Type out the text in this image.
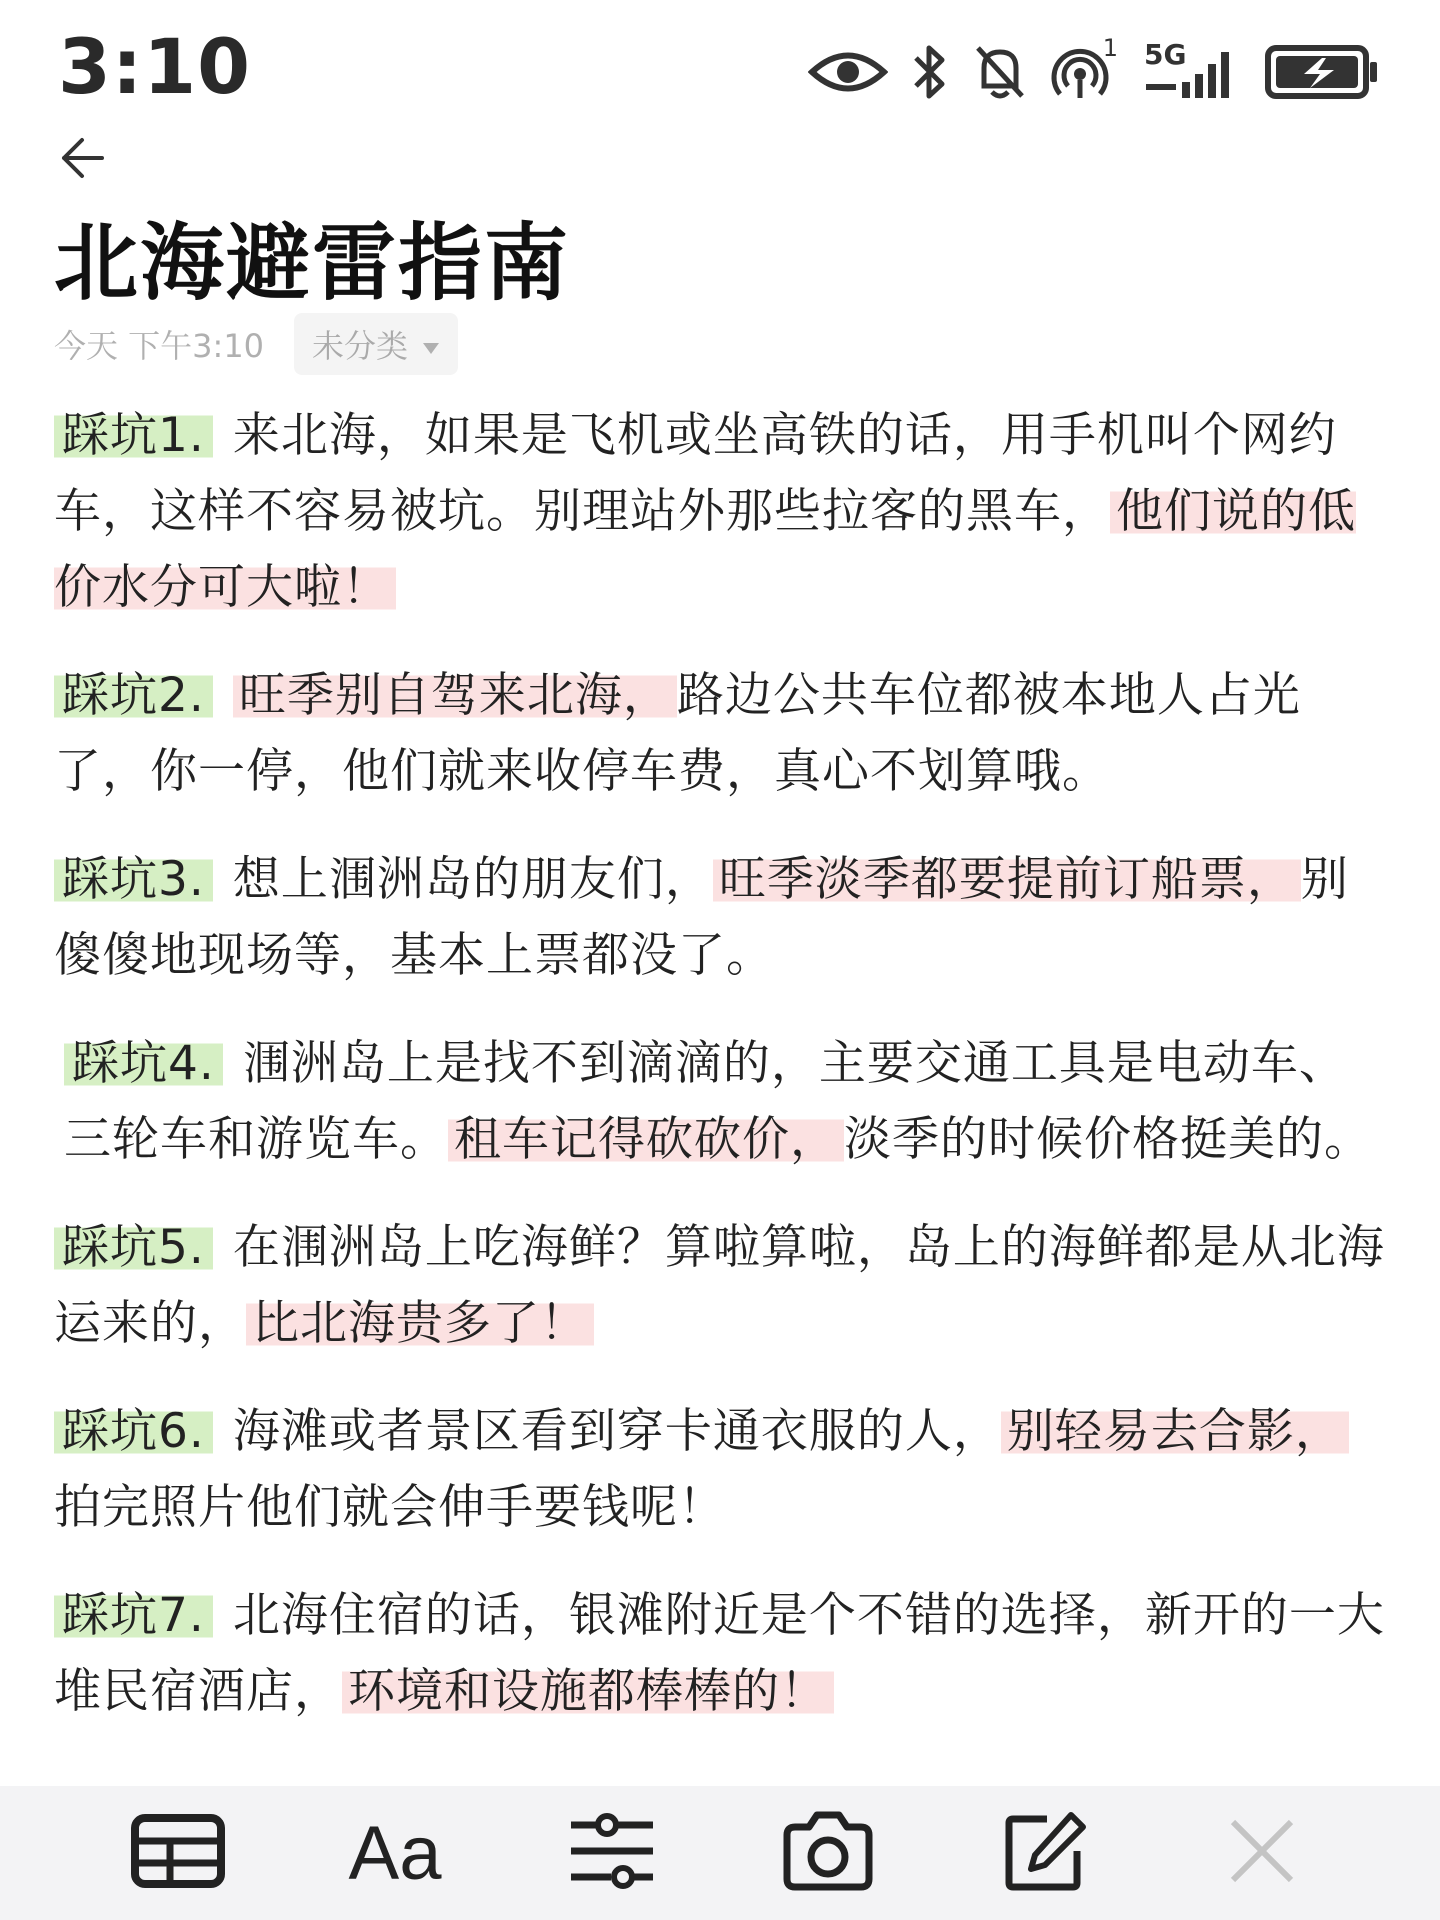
3:10	1 5G
北海避雷指南
今天 下午3:10 未分类

踩坑1. 来北海，如果是飞机或坐高铁的话，用手机叫个网约车，这样不容易被坑。别理站外那些拉客的黑车， 他们说的低价水分可大啦！

踩坑2. 旺季别自驾来北海， 路边公共车位都被本地人占光了，你一停，他们就来收停车费，真心不划算哦。

踩坑3. 想上涠洲岛的朋友们， 旺季淡季都要提前订船票， 别傻傻地现场等，基本上票都没了。

踩坑4. 涠洲岛上是找不到滴滴的，主要交通工具是电动车、三轮车和游览车。 租车记得砍砍价， 淡季的时候价格挺美的。

踩坑5. 在涠洲岛上吃海鲜？算啦算啦，岛上的海鲜都是从北海运来的， 比北海贵多了！

踩坑6. 海滩或者景区看到穿卡通衣服的人， 别轻易去合影，拍完照片他们就会伸手要钱呢！

踩坑7. 北海住宿的话，银滩附近是个不错的选择，新开的一大堆民宿酒店， 环境和设施都棒棒的！

Aa
